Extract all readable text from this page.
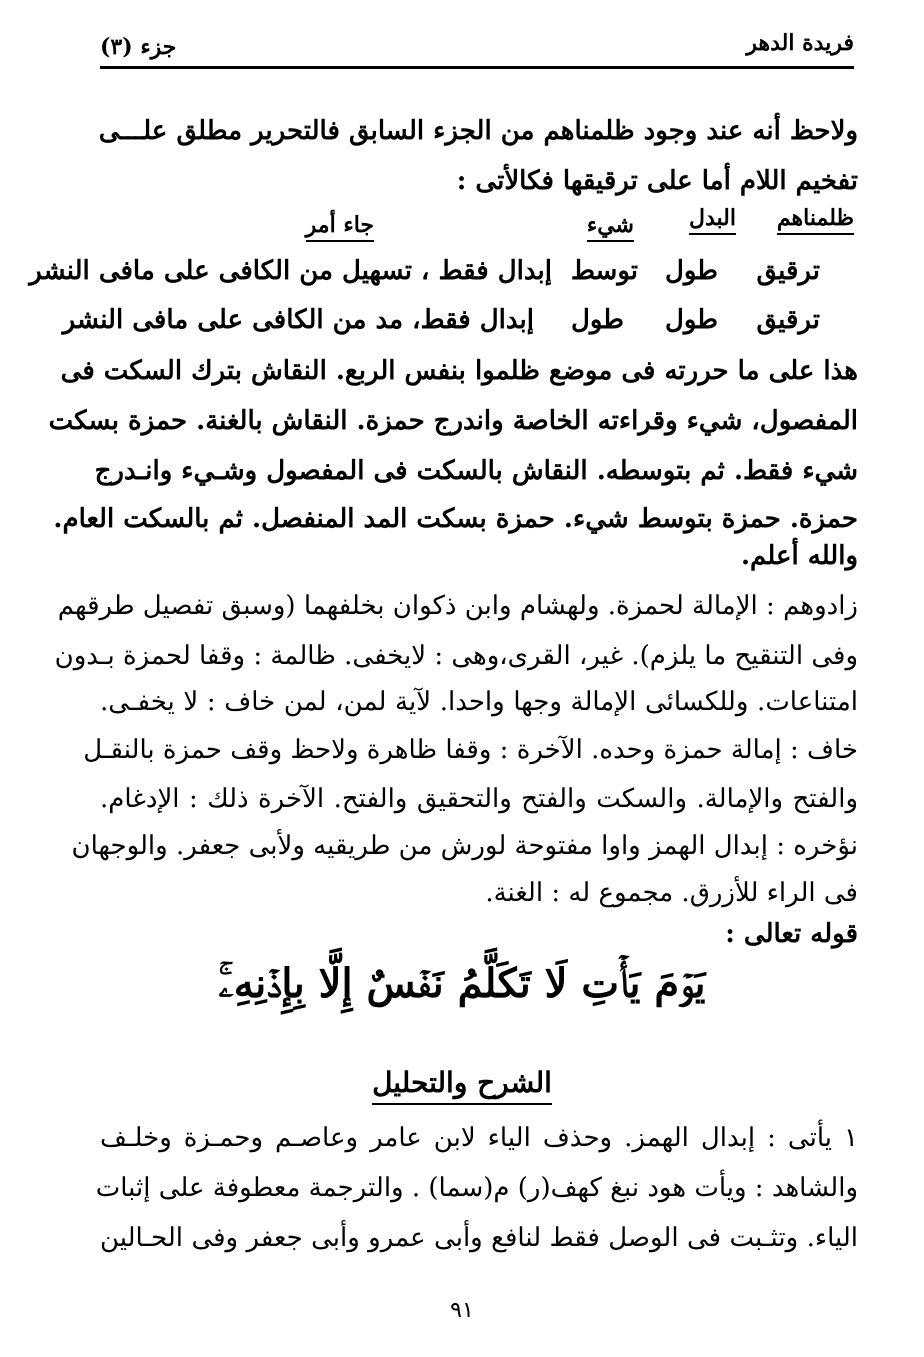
فريدة الدهر
جزء (٣)
ولاحظ أنه عند وجود ظلمناهم من الجزء السابق فالتحرير مطلق علـــى
تفخيم اللام أما على ترقيقها فكالأتى :
ظلمناهم
البدل
شيء
جاء أمر
ترقيق
طول
توسط
إبدال فقط ، تسهيل من الكافى على مافى النشر
ترقيق
طول
طول
إبدال فقط، مد من الكافى على مافى النشر
هذا على ما حررته فى موضع ظلموا بنفس الربع. النقاش بترك السكت فى
المفصول، شيء وقراءته الخاصة واندرج حمزة. النقاش بالغنة. حمزة بسكت
شيء فقط. ثم بتوسطه. النقاش بالسكت فى المفصول وشـيء وانـدرج
حمزة. حمزة بتوسط شيء. حمزة بسكت المد المنفصل. ثم بالسكت العام.
والله أعلم.
زادوهم : الإمالة لحمزة. ولهشام وابن ذكوان بخلفهما (وسبق تفصيل طرقهم
وفى التنقيح ما يلزم). غير، القرى،وهى : لايخفى. ظالمة : وقفا لحمزة بـدون
امتناعات. وللكسائى الإمالة وجها واحدا. لآية لمن، لمن خاف : لا يخفـى.
خاف : إمالة حمزة وحده. الآخرة : وقفا ظاهرة ولاحظ وقف حمزة بالنقـل
والفتح والإمالة. والسكت والفتح والتحقيق والفتح. الآخرة ذلك : الإدغام.
نؤخره : إبدال الهمز واوا مفتوحة لورش من طريقيه ولأبى جعفر. والوجهان
فى الراء للأزرق. مجموع له : الغنة.
قوله تعالى :
يَوۡمَ يَأۡتِ لَا تَكَلَّمُ نَفۡسٌ إِلَّا بِإِذۡنِهِۦۚ
الشرح والتحليل
١ يأتى : إبدال الهمز. وحذف الياء لابن عامر وعاصـم وحمـزة وخلـف
والشاهد : ويأت هود نبغ كهف(ر) م(سما) . والترجمة معطوفة على إثبات
الياء. وتثـبت فى الوصل فقط لنافع وأبى عمرو وأبى جعفر وفى الحـالين
٩١
